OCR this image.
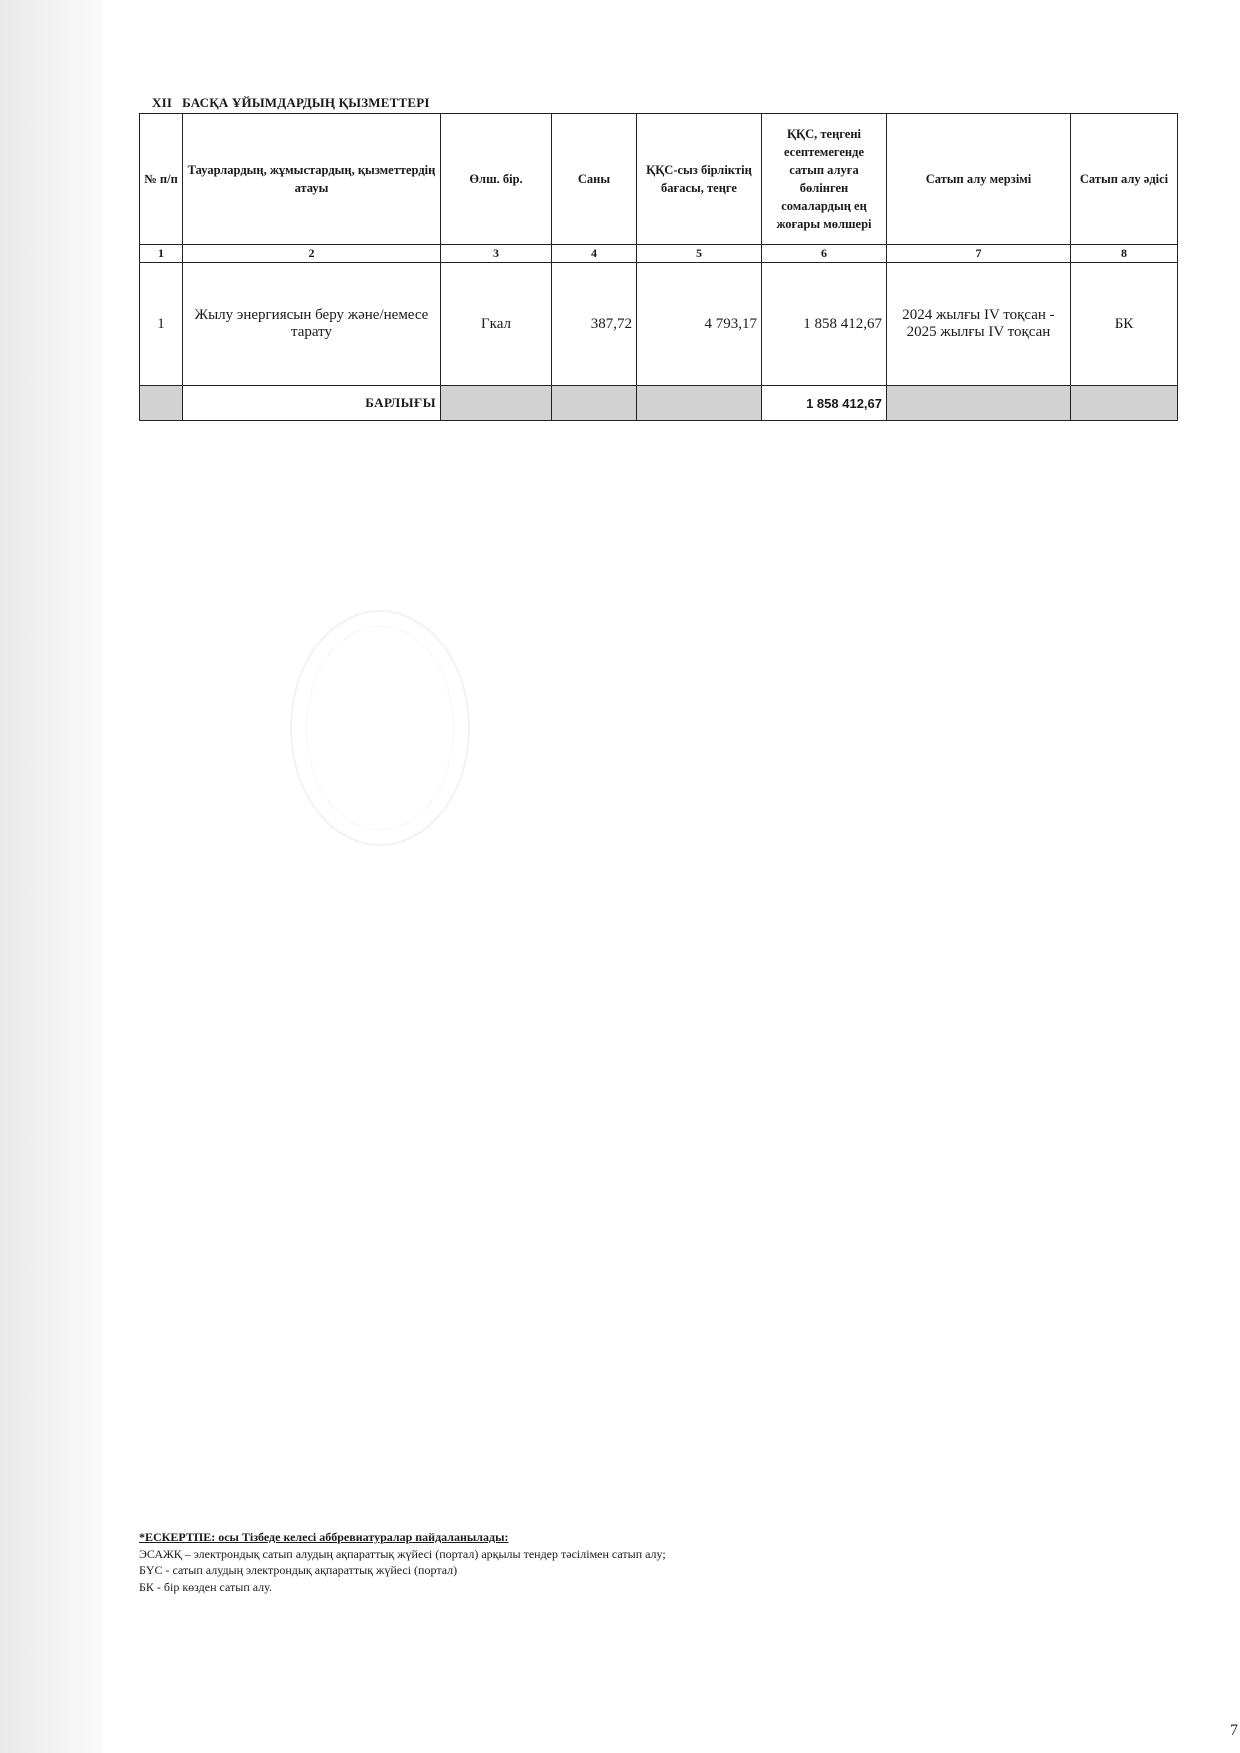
XII БАСҚА ҰЙЫМДАРДЫҢ ҚЫЗМЕТТЕРІ
№ п/п	Тауарлардың, жұмыстардың, қызметтердің атауы	Өлш. бір.	Саны	ҚҚС-сыз бірліктің бағасы, теңге	ҚҚС, теңгені есептемегенде сатып алуға бөлінген сомалардың ең жоғары мөлшері	Сатып алу мерзімі	Сатып алу әдісі
1	2	3	4	5	6	7	8
1	Жылу энергиясын беру және/немесе тарату	Гкал	387,72	4 793,17	1 858 412,67	2024 жылғы IV тоқсан - 2025 жылғы IV тоқсан	БК
	БАРЛЫҒЫ				1 858 412,67		
*ЕСКЕРТПЕ: осы Тізбеде келесі аббревиатуралар пайдаланылады:
ЭСАЖҚ – электрондық сатып алудың ақпараттық жүйесі (портал) арқылы тендер тәсілімен сатып алу;
БҮС - сатып алудың электрондық ақпараттық жүйесі (портал)
БК - бір көзден сатып алу.
7
